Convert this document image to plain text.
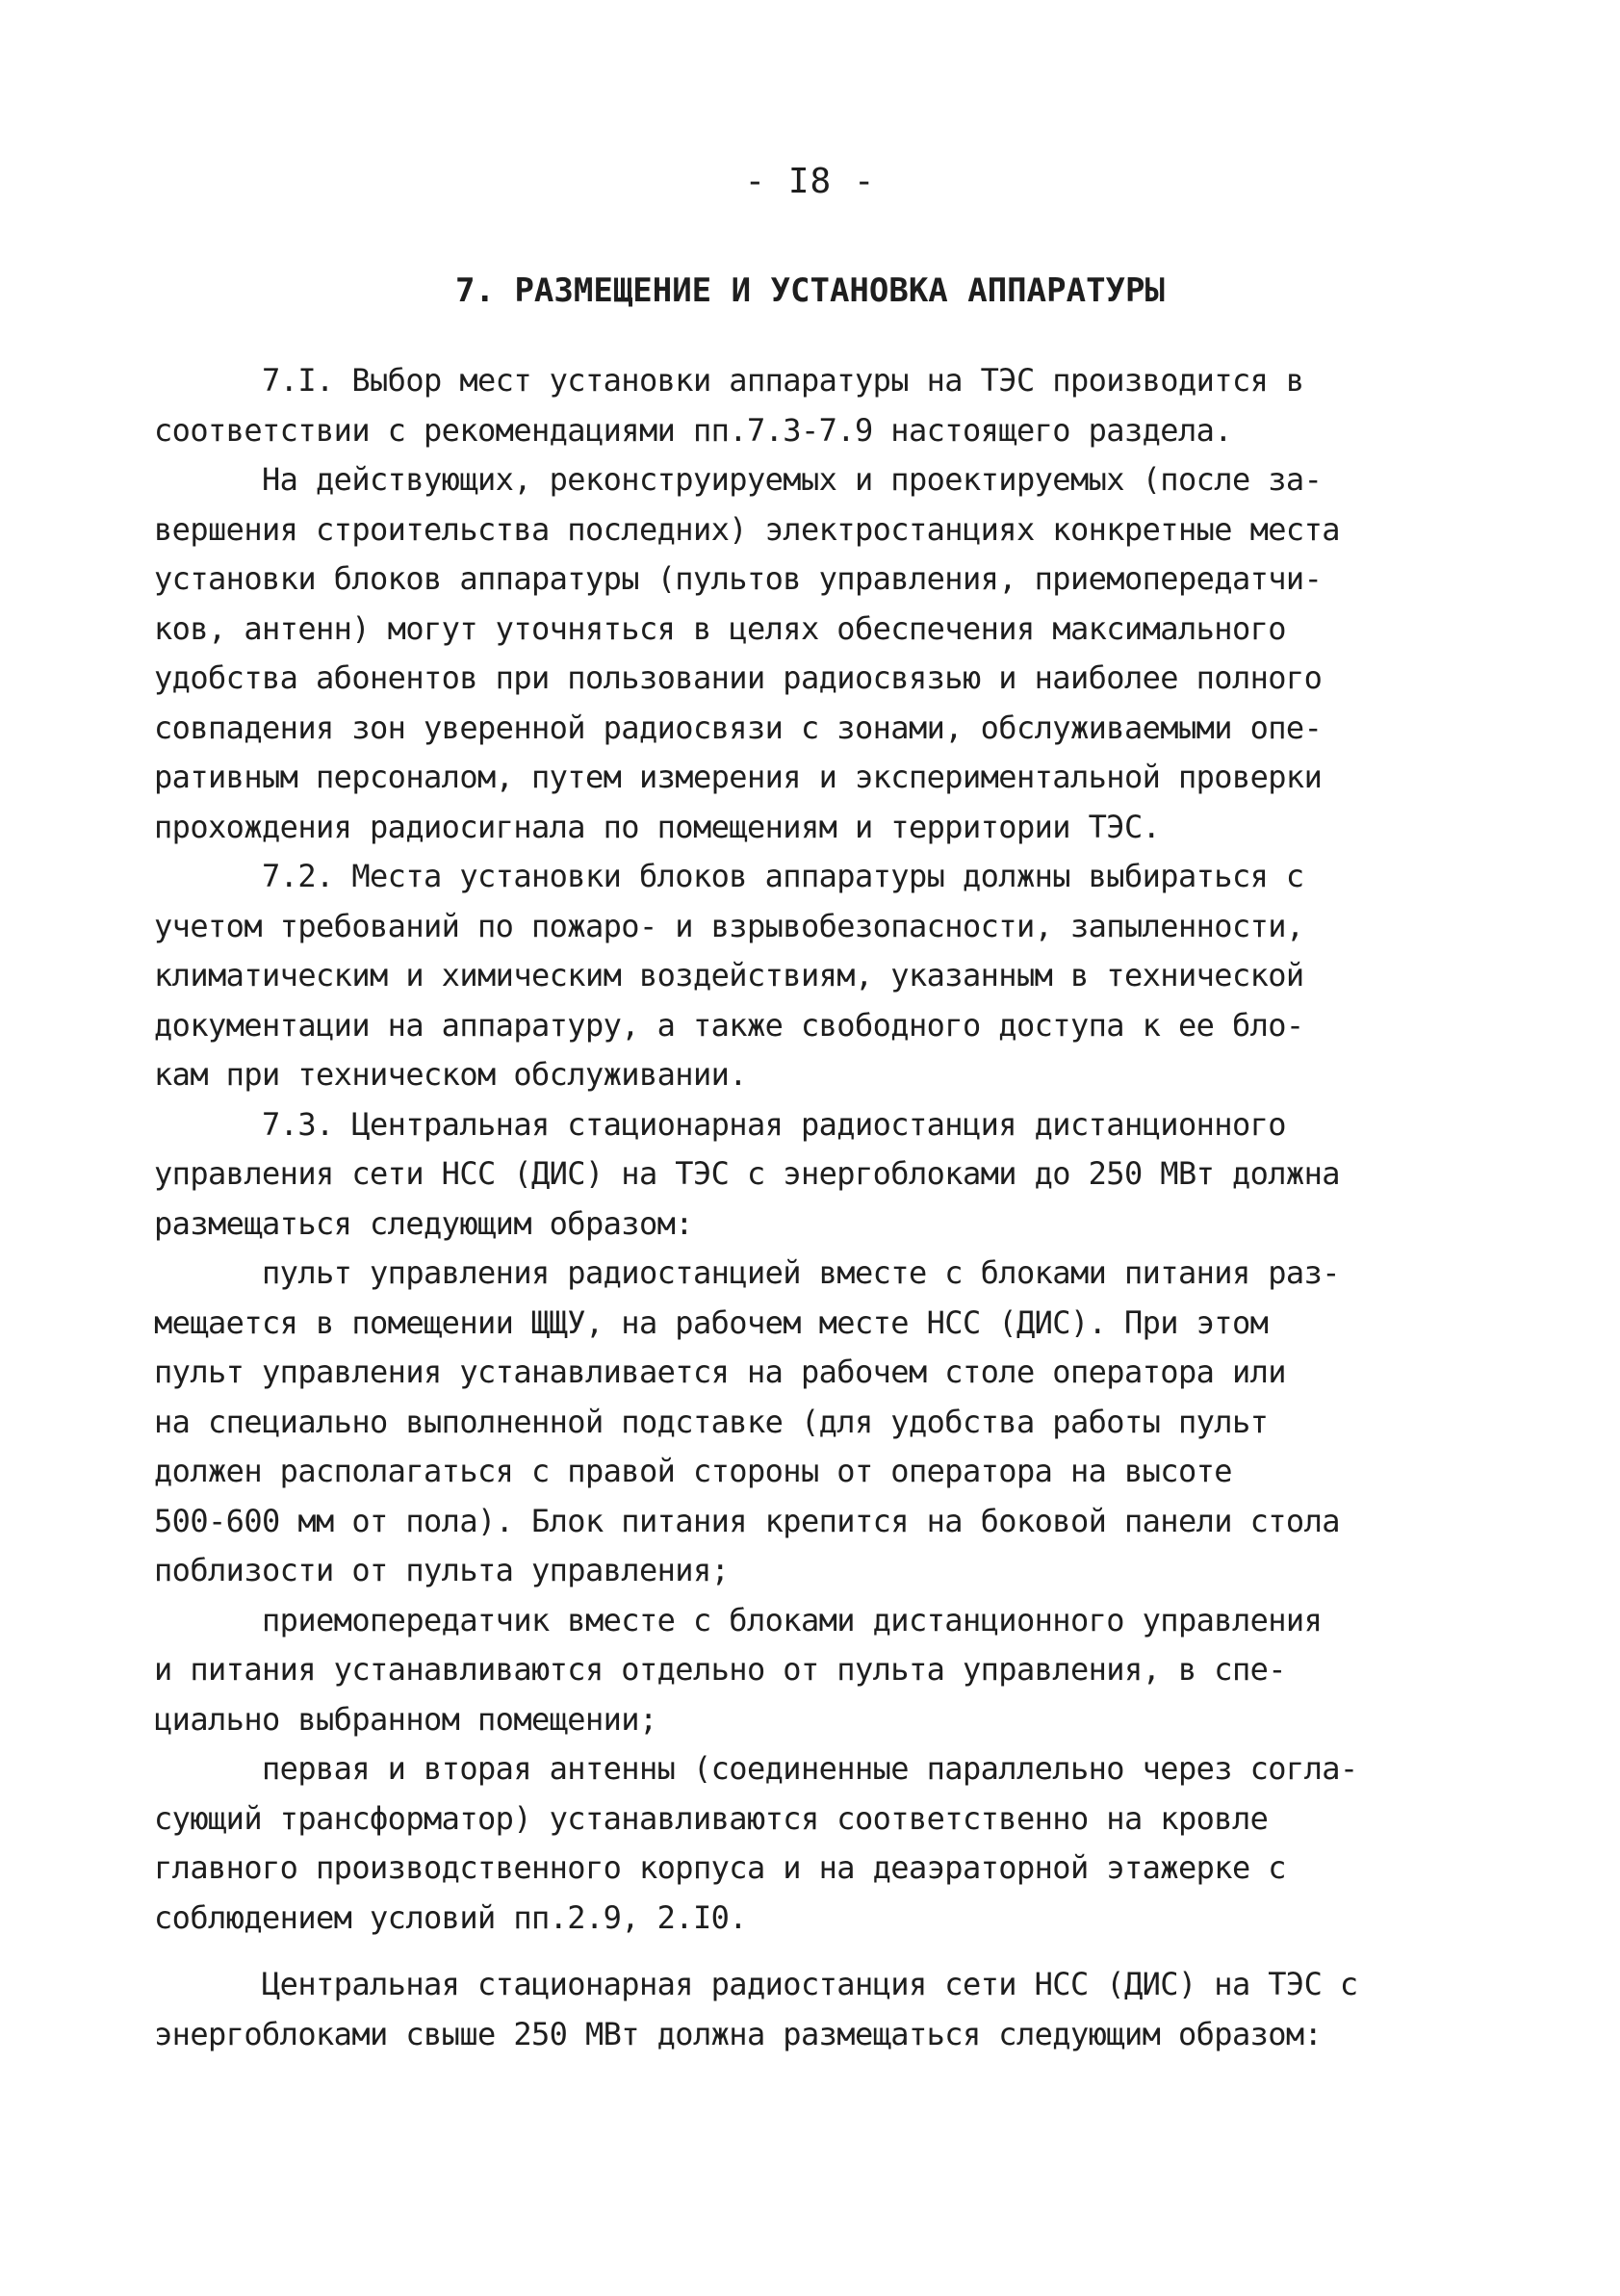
- I8 -
7. РАЗМЕЩЕНИЕ И УСТАНОВКА АППАРАТУРЫ
7.I. Выбор мест установки аппаратуры на ТЭС производится в
соответствии с рекомендациями пп.7.3-7.9 настоящего раздела.
На действующих, реконструируемых и проектируемых (после за-
вершения строительства последних) электростанциях конкретные места
установки блоков аппаратуры (пультов управления, приемопередатчи-
ков, антенн) могут уточняться в целях обеспечения максимального
удобства абонентов при пользовании радиосвязью и наиболее полного
совпадения зон уверенной радиосвязи с зонами, обслуживаемыми опе-
ративным персоналом, путем измерения и экспериментальной проверки
прохождения радиосигнала по помещениям и территории ТЭС.
7.2. Места установки блоков аппаратуры должны выбираться с
учетом требований по пожаро- и взрывобезопасности, запыленности,
климатическим и химическим воздействиям, указанным в технической
документации на аппаратуру, а также свободного доступа к ее бло-
кам при техническом обслуживании.
7.3. Центральная стационарная радиостанция дистанционного
управления сети НСС (ДИС) на ТЭС с энергоблоками до 250 МВт должна
размещаться следующим образом:
пульт управления радиостанцией вместе с блоками питания раз-
мещается в помещении ЩЩУ, на рабочем месте НСС (ДИС). При этом
пульт управления устанавливается на рабочем столе оператора или
на специально выполненной подставке (для удобства работы пульт
должен располагаться с правой стороны от оператора на высоте
500-600 мм от пола). Блок питания крепится на боковой панели стола
поблизости от пульта управления;
приемопередатчик вместе с блоками дистанционного управления
и питания устанавливаются отдельно от пульта управления, в спе-
циально выбранном помещении;
первая и вторая антенны (соединенные параллельно через согла-
сующий трансформатор) устанавливаются соответственно на кровле
главного производственного корпуса и на деаэраторной этажерке с
соблюдением условий пп.2.9, 2.I0.
Центральная стационарная радиостанция сети НСС (ДИС) на ТЭС с
энергоблоками свыше 250 МВт должна размещаться следующим образом:
